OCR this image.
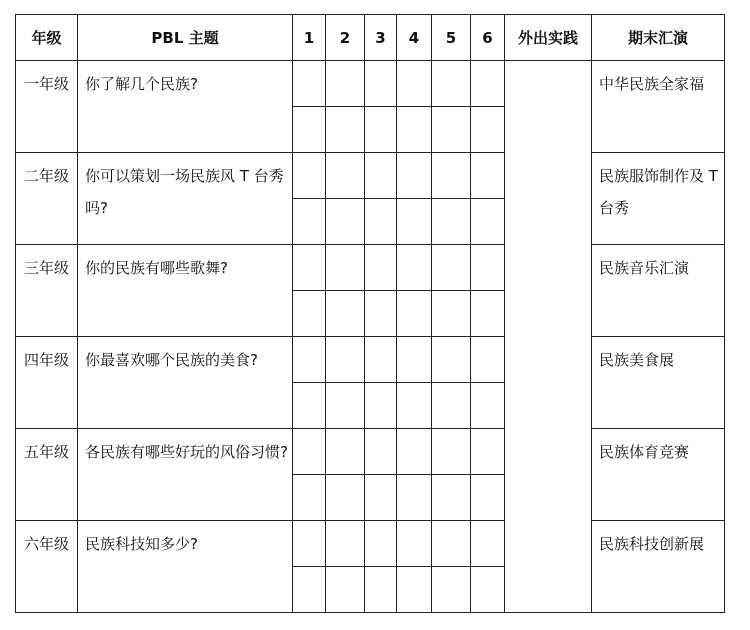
年级	PBL 主题	1	2	3	4	5	6	外出实践	期末汇演
一年级	你了解几个民族?								中华民族全家福

二年级	你可以策划一场民族风 T 台秀吗?								民族服饰制作及 T 台秀

三年级	你的民族有哪些歌舞?								民族音乐汇演

四年级	你最喜欢哪个民族的美食?								民族美食展

五年级	各民族有哪些好玩的风俗习惯?								民族体育竞赛

六年级	民族科技知多少?								民族科技创新展
